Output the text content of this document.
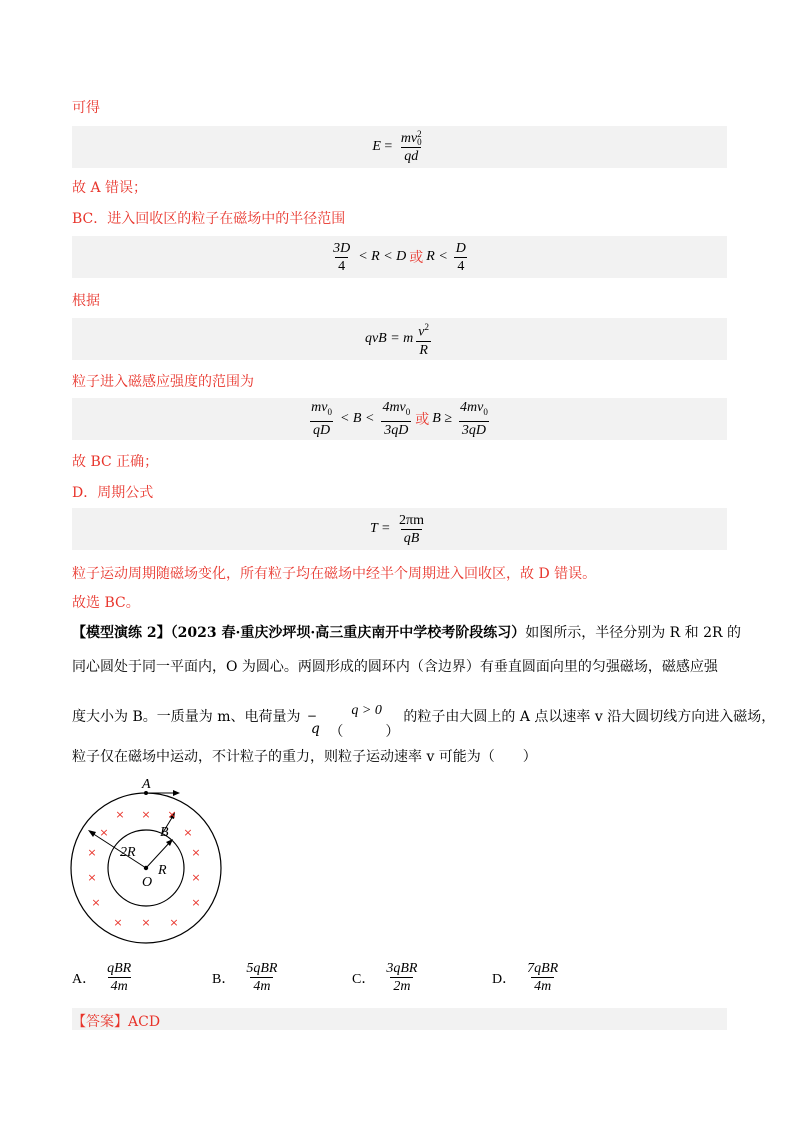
可得
E = mv 2
0
qd
故 A 错误；
BC．进入回收区的粒子在磁场中的半径范围
$\frac{3D}{4} < R < D$ 或 $R < \frac{D}{4}$
根据
qvB = m $\frac{v^2}{R}$
粒子进入磁感应强度的范围为
$\frac{mv_0}{qD} < B < \frac{4mv_0}{3qD}$ 或 $B \ge \frac{4mv_0}{3qD}$
故 BC 正确；
D．周期公式
T =
$\frac{2\pi m}{qB}$
粒子运动周期随磁场变化，所有粒子均在磁场中经半个周期进入回收区，故 D 错误。
故选 BC。
【模型演练 2】（2023 春·重庆沙坪坝·高三重庆南开中学校考阶段练习）如图所示，半径分别为 R 和 2R 的
同心圆处于同一平面内，O 为圆心。两圆形成的圆环内（含边界）有垂直圆面向里的匀强磁场，磁感应强
度大小为 B。一质量为 m、电荷量为 −
q
（
q > 0
）
的粒子由大圆上的 A 点以速率 v 沿大圆切线方向进入磁场，
粒子仅在磁场中运动，不计粒子的重力，则粒子运动速率 v 可能为（　　）
× × ×
×	×
×	×
×	×
×	×
× × ×
A
B
2R
R
O
A． $\frac{\text{qBR}}{4m}$	B． $\frac{\text{5qBR}}{4m}$	C． $\frac{\text{3qBR}}{2m}$	D． $\frac{\text{7qBR}}{4m}$
【答案】ACD
